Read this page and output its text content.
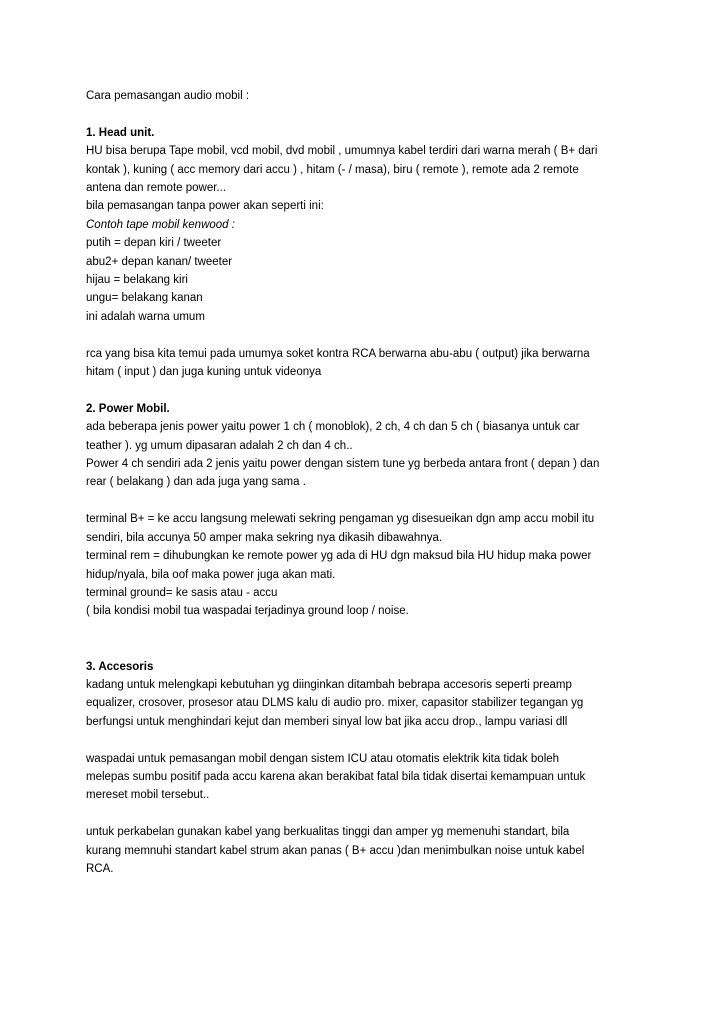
Cara pemasangan audio mobil :
1. Head unit.
HU bisa berupa Tape mobil, vcd mobil, dvd mobil , umumnya kabel terdiri dari warna merah ( B+ dari
kontak ), kuning ( acc memory dari accu ) , hitam (- / masa), biru ( remote ), remote ada 2 remote
antena dan remote power...
bila pemasangan tanpa power akan seperti ini:
Contoh tape mobil kenwood :
putih = depan kiri / tweeter
abu2+ depan kanan/ tweeter
hijau = belakang kiri
ungu= belakang kanan
ini adalah warna umum
rca yang bisa kita temui pada umumya soket kontra RCA berwarna abu-abu ( output) jika berwarna
hitam ( input ) dan juga kuning untuk videonya
2. Power Mobil.
ada beberapa jenis power yaitu power 1 ch ( monoblok), 2 ch, 4 ch dan 5 ch ( biasanya untuk car
teather ). yg umum dipasaran adalah 2 ch dan 4 ch..
Power 4 ch sendiri ada 2 jenis yaitu power dengan sistem tune yg berbeda antara front ( depan ) dan
rear ( belakang ) dan ada juga yang sama .
terminal B+ = ke accu langsung melewati sekring pengaman yg disesueikan dgn amp accu mobil itu
sendiri, bila accunya 50 amper maka sekring nya dikasih dibawahnya.
terminal rem = dihubungkan ke remote power yg ada di HU dgn maksud bila HU hidup maka power
hidup/nyala, bila oof maka power juga akan mati.
terminal ground= ke sasis atau - accu
( bila kondisi mobil tua waspadai terjadinya ground loop / noise.
3. Accesoris
kadang untuk melengkapi kebutuhan yg diinginkan ditambah bebrapa accesoris seperti preamp
equalizer, crosover, prosesor atau DLMS kalu di audio pro. mixer, capasitor stabilizer tegangan yg
berfungsi untuk menghindari kejut dan memberi sinyal low bat jika accu drop., lampu variasi dll
waspadai untuk pemasangan mobil dengan sistem ICU atau otomatis elektrik kita tidak boleh
melepas sumbu positif pada accu karena akan berakibat fatal bila tidak disertai kemampuan untuk
mereset mobil tersebut..
untuk perkabelan gunakan kabel yang berkualitas tinggi dan amper yg memenuhi standart, bila
kurang memnuhi standart kabel strum akan panas ( B+ accu )dan menimbulkan noise untuk kabel
RCA.
